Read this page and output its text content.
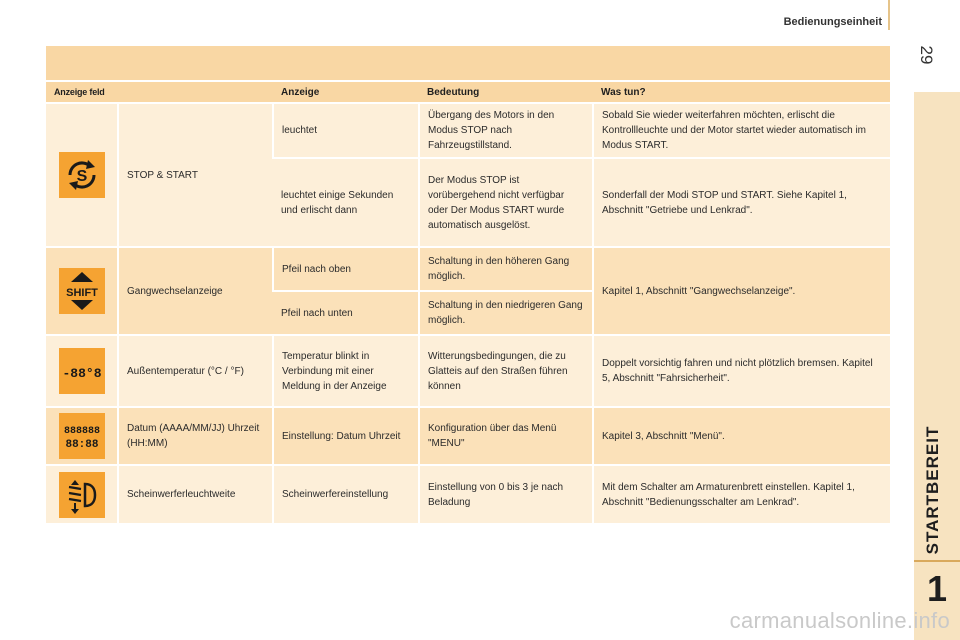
Bedienungseinheit
29
STARTBEREIT
1
Anzeige feld		Anzeige	Bedeutung	Was tun?

S	STOP & START	leuchtet	Übergang des Motors in den Modus STOP nach Fahrzeugstillstand.	Sobald Sie wieder weiterfahren möchten, erlischt die Kontrollleuchte und der Motor startet wieder automatisch im Modus START.
		leuchtet einige Sekunden und erlischt dann	Der Modus STOP ist vorübergehend nicht verfügbar oder Der Modus START wurde automatisch ausgelöst.	Sonderfall der Modi STOP und START. Siehe Kapitel 1, Abschnitt "Getriebe und Lenkrad".

SHIFT	Gangwechselanzeige	Pfeil nach oben	Schaltung in den höheren Gang möglich.	Kapitel 1, Abschnitt "Gangwechselanzeige".
		Pfeil nach unten	Schaltung in den niedrigeren Gang möglich.	

-88°8	Außentemperatur (°C / °F)	Temperatur blinkt in Verbindung mit einer Meldung in der Anzeige	Witterungsbedingungen, die zu Glatteis auf den Straßen führen können	Doppelt vorsichtig fahren und nicht plötzlich bremsen. Kapitel 5, Abschnitt "Fahrsicherheit".

888888
88:88	Datum (AAAA/MM/JJ) Uhrzeit (HH:MM)	Einstellung: Datum Uhrzeit	Konfiguration über das Menü "MENU"	Kapitel 3, Abschnitt "Menü".

	Scheinwerferleuchtweite	Scheinwerfereinstellung	Einstellung von 0 bis 3 je nach Beladung	Mit dem Schalter am Armaturenbrett einstellen. Kapitel 1, Abschnitt "Bedienungsschalter am Lenkrad".
carmanualsonline.info
